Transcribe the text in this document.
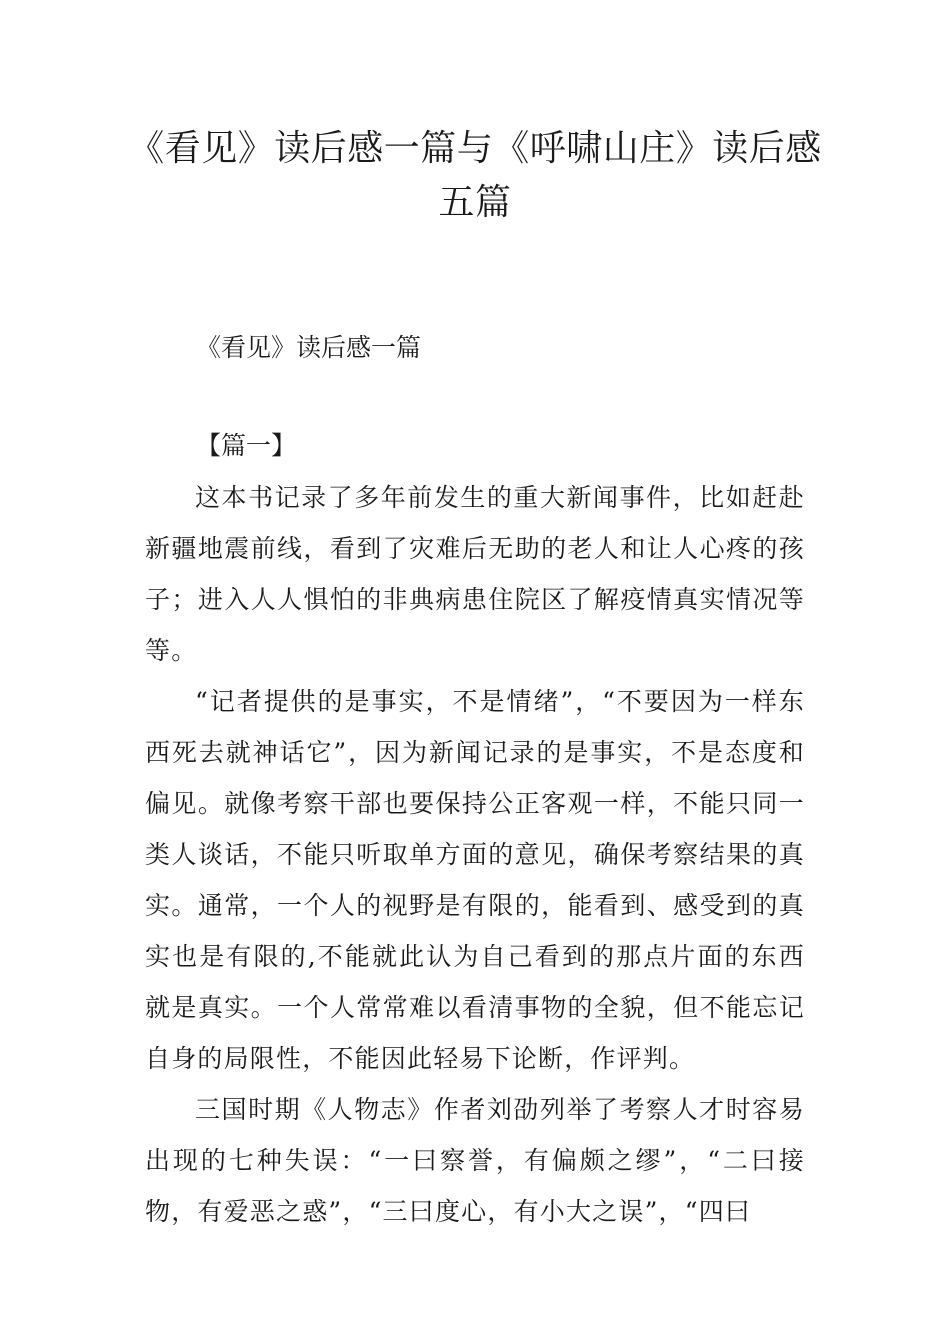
《看见》读后感一篇与《呼啸山庄》读后感五篇

《看见》读后感一篇

【篇一】

这本书记录了多年前发生的重大新闻事件，比如赶赴新疆地震前线，看到了灾难后无助的老人和让人心疼的孩子；进入人人惧怕的非典病患住院区了解疫情真实情况等等。

“记者提供的是事实，不是情绪”，“不要因为一样东西死去就神话它”，因为新闻记录的是事实，不是态度和偏见。就像考察干部也要保持公正客观一样，不能只同一类人谈话，不能只听取单方面的意见，确保考察结果的真实。通常，一个人的视野是有限的，能看到、感受到的真实也是有限的,不能就此认为自己看到的那点片面的东西就是真实。一个人常常难以看清事物的全貌，但不能忘记自身的局限性，不能因此轻易下论断，作评判。

三国时期《人物志》作者刘劭列举了考察人才时容易出现的七种失误：“一曰察誉，有偏颇之缪”，“二曰接物，有爱恶之惑”，“三曰度心，有小大之误”，“四曰
